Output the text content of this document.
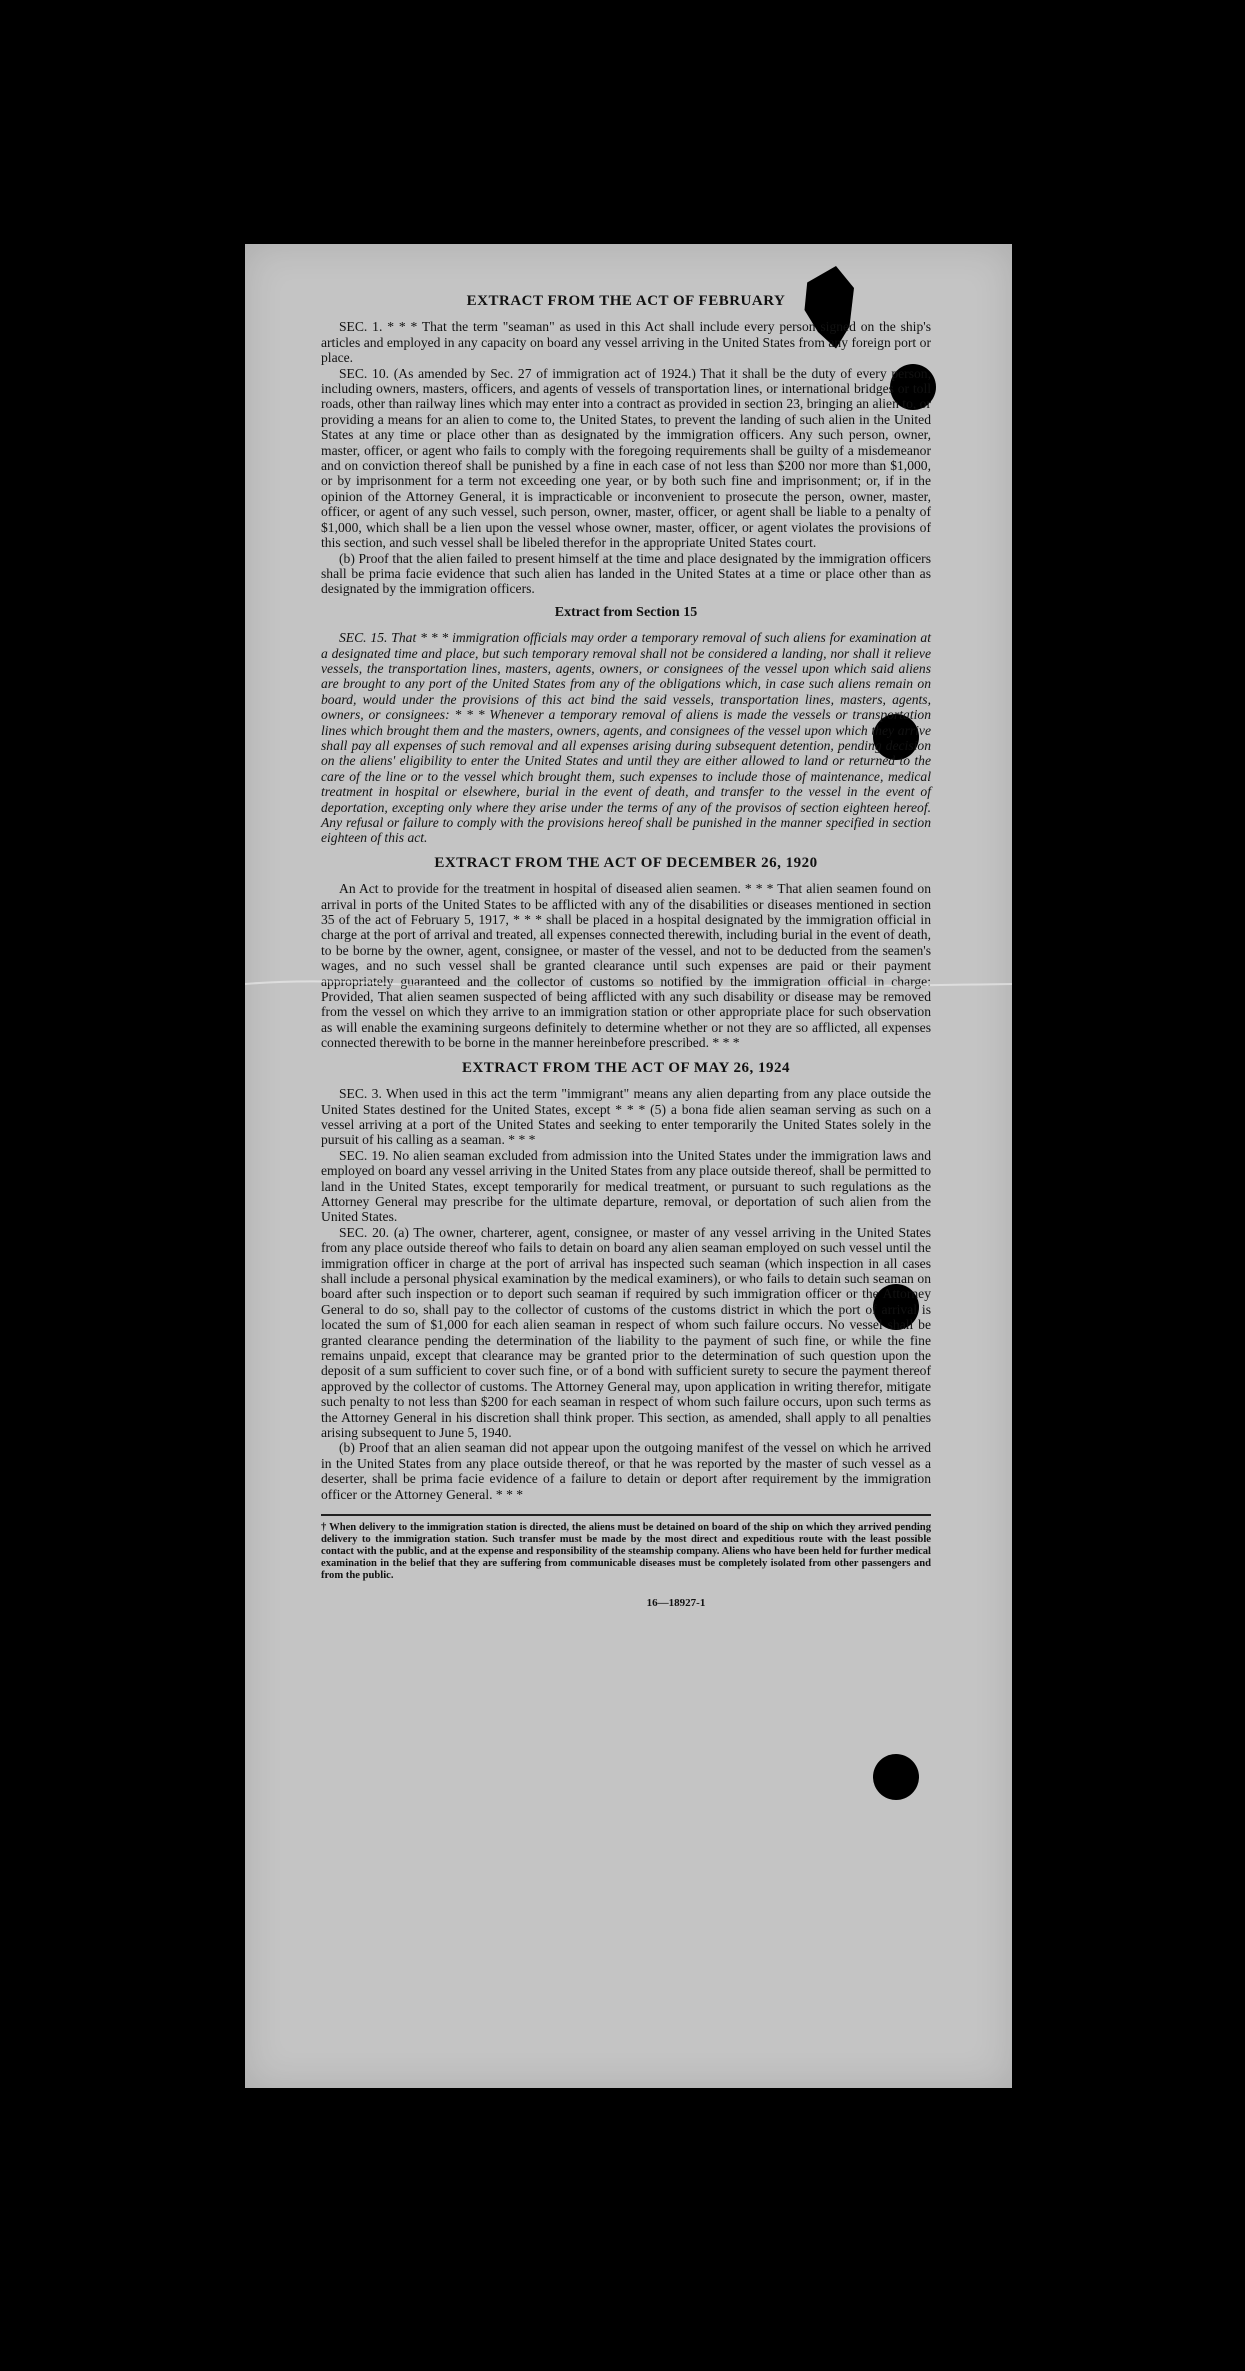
EXTRACT FROM THE ACT OF FEBRUARY

SEC. 1. * * * That the term "seaman" as used in this Act shall include every person signed on the ship's articles and employed in any capacity on board any vessel arriving in the United States from any foreign port or place.

SEC. 10. (As amended by Sec. 27 of immigration act of 1924.) That it shall be the duty of every person, including owners, masters, officers, and agents of vessels of transportation lines, or international bridges or toll roads, other than railway lines which may enter into a contract as provided in section 23, bringing an alien to, or providing a means for an alien to come to, the United States, to prevent the landing of such alien in the United States at any time or place other than as designated by the immigration officers. Any such person, owner, master, officer, or agent who fails to comply with the foregoing requirements shall be guilty of a misdemeanor and on conviction thereof shall be punished by a fine in each case of not less than $200 nor more than $1,000, or by imprisonment for a term not exceeding one year, or by both such fine and imprisonment; or, if in the opinion of the Attorney General, it is impracticable or inconvenient to prosecute the person, owner, master, officer, or agent of any such vessel, such person, owner, master, officer, or agent shall be liable to a penalty of $1,000, which shall be a lien upon the vessel whose owner, master, officer, or agent violates the provisions of this section, and such vessel shall be libeled therefor in the appropriate United States court.

(b) Proof that the alien failed to present himself at the time and place designated by the immigration officers shall be prima facie evidence that such alien has landed in the United States at a time or place other than as designated by the immigration officers.

Extract from Section 15

SEC. 15. That * * * immigration officials may order a temporary removal of such aliens for examination at a designated time and place, but such temporary removal shall not be considered a landing, nor shall it relieve vessels, the transportation lines, masters, agents, owners, or consignees of the vessel upon which said aliens are brought to any port of the United States from any of the obligations which, in case such aliens remain on board, would under the provisions of this act bind the said vessels, transportation lines, masters, agents, owners, or consignees: * * * Whenever a temporary removal of aliens is made the vessels or transportation lines which brought them and the masters, owners, agents, and consignees of the vessel upon which they arrive shall pay all expenses of such removal and all expenses arising during subsequent detention, pending decision on the aliens' eligibility to enter the United States and until they are either allowed to land or returned to the care of the line or to the vessel which brought them, such expenses to include those of maintenance, medical treatment in hospital or elsewhere, burial in the event of death, and transfer to the vessel in the event of deportation, excepting only where they arise under the terms of any of the provisos of section eighteen hereof. Any refusal or failure to comply with the provisions hereof shall be punished in the manner specified in section eighteen of this act.

EXTRACT FROM THE ACT OF DECEMBER 26, 1920

An Act to provide for the treatment in hospital of diseased alien seamen. * * * That alien seamen found on arrival in ports of the United States to be afflicted with any of the disabilities or diseases mentioned in section 35 of the act of February 5, 1917, * * * shall be placed in a hospital designated by the immigration official in charge at the port of arrival and treated, all expenses connected therewith, including burial in the event of death, to be borne by the owner, agent, consignee, or master of the vessel, and not to be deducted from the seamen's wages, and no such vessel shall be granted clearance until such expenses are paid or their payment appropriately guaranteed and the collector of customs so notified by the immigration official in charge: Provided, That alien seamen suspected of being afflicted with any such disability or disease may be removed from the vessel on which they arrive to an immigration station or other appropriate place for such observation as will enable the examining surgeons definitely to determine whether or not they are so afflicted, all expenses connected therewith to be borne in the manner hereinbefore prescribed. * * *

EXTRACT FROM THE ACT OF MAY 26, 1924

SEC. 3. When used in this act the term "immigrant" means any alien departing from any place outside the United States destined for the United States, except * * * (5) a bona fide alien seaman serving as such on a vessel arriving at a port of the United States and seeking to enter temporarily the United States solely in the pursuit of his calling as a seaman. * * *

SEC. 19. No alien seaman excluded from admission into the United States under the immigration laws and employed on board any vessel arriving in the United States from any place outside thereof, shall be permitted to land in the United States, except temporarily for medical treatment, or pursuant to such regulations as the Attorney General may prescribe for the ultimate departure, removal, or deportation of such alien from the United States.

SEC. 20. (a) The owner, charterer, agent, consignee, or master of any vessel arriving in the United States from any place outside thereof who fails to detain on board any alien seaman employed on such vessel until the immigration officer in charge at the port of arrival has inspected such seaman (which inspection in all cases shall include a personal physical examination by the medical examiners), or who fails to detain such seaman on board after such inspection or to deport such seaman if required by such immigration officer or the Attorney General to do so, shall pay to the collector of customs of the customs district in which the port of arrival is located the sum of $1,000 for each alien seaman in respect of whom such failure occurs. No vessel shall be granted clearance pending the determination of the liability to the payment of such fine, or while the fine remains unpaid, except that clearance may be granted prior to the determination of such question upon the deposit of a sum sufficient to cover such fine, or of a bond with sufficient surety to secure the payment thereof approved by the collector of customs. The Attorney General may, upon application in writing therefor, mitigate such penalty to not less than $200 for each seaman in respect of whom such failure occurs, upon such terms as the Attorney General in his discretion shall think proper. This section, as amended, shall apply to all penalties arising subsequent to June 5, 1940.

(b) Proof that an alien seaman did not appear upon the outgoing manifest of the vessel on which he arrived in the United States from any place outside thereof, or that he was reported by the master of such vessel as a deserter, shall be prima facie evidence of a failure to detain or deport after requirement by the immigration officer or the Attorney General. * * *

† When delivery to the immigration station is directed, the aliens must be detained on board of the ship on which they arrived pending delivery to the immigration station. Such transfer must be made by the most direct and expeditious route with the least possible contact with the public, and at the expense and responsibility of the steamship company. Aliens who have been held for further medical examination in the belief that they are suffering from communicable diseases must be completely isolated from other passengers and from the public.
16—18927-1
